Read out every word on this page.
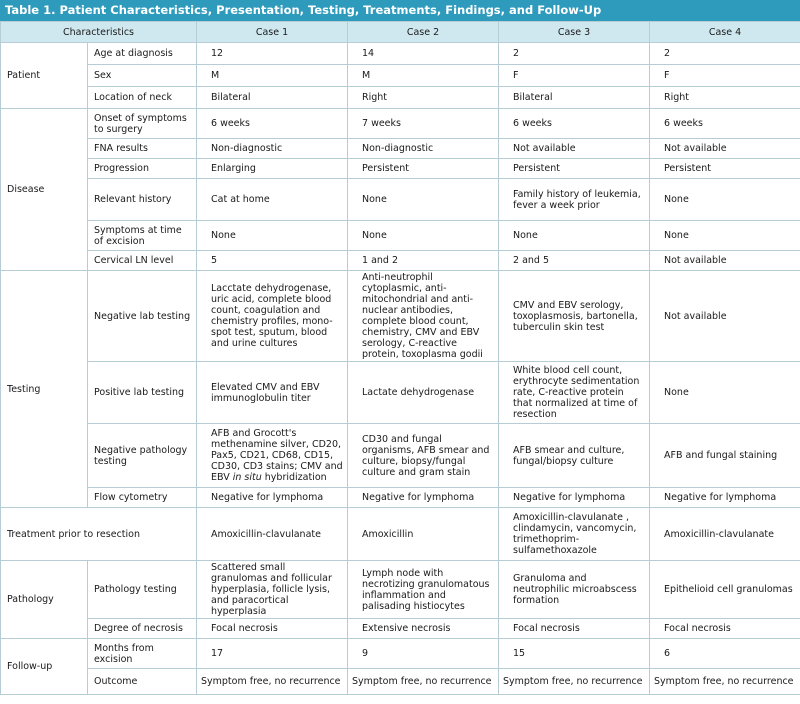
Table 1. Patient Characteristics, Presentation, Testing, Treatments, Findings, and Follow-Up
Characteristics		Case 1	Case 2	Case 3	Case 4
Patient	Age at diagnosis	12	14	2	2
	Sex	M	M	F	F
	Location of neck	Bilateral	Right	Bilateral	Right
Disease	Onset of symptoms to surgery	6 weeks	7 weeks	6 weeks	6 weeks
	FNA results	Non-diagnostic	Non-diagnostic	Not available	Not available
	Progression	Enlarging	Persistent	Persistent	Persistent
	Relevant history	Cat at home	None	Family history of leukemia, fever a week prior	None
	Symptoms at time of excision	None	None	None	None
	Cervical LN level	5	1 and 2	2 and 5	Not available
Testing	Negative lab testing	Lacctate dehydrogenase, uric acid, complete blood count, coagulation and chemistry profiles, mono-spot test, sputum, blood and urine cultures	Anti-neutrophil cytoplasmic, anti-mitochondrial and anti-nuclear antibodies, complete blood count, chemistry, CMV and EBV serology, C-reactive protein, toxoplasma godii	CMV and EBV serology, toxoplasmosis, bartonella, tuberculin skin test	Not available
	Positive lab testing	Elevated CMV and EBV immunoglobulin titer	Lactate dehydrogenase	White blood cell count, erythrocyte sedimentation rate, C-reactive protein that normalized at time of resection	None
	Negative pathology testing	AFB and Grocott's methenamine silver, CD20, Pax5, CD21, CD68, CD15, CD30, CD3 stains; CMV and EBV in situ hybridization	CD30 and fungal organisms, AFB smear and culture, biopsy/fungal culture and gram stain	AFB smear and culture, fungal/biopsy culture	AFB and fungal staining
	Flow cytometry	Negative for lymphoma	Negative for lymphoma	Negative for lymphoma	Negative for lymphoma
Treatment prior to resection		Amoxicillin-clavulanate	Amoxicillin	Amoxicillin-clavulanate , clindamycin, vancomycin, trimethoprim-sulfamethoxazole	Amoxicillin-clavulanate
Pathology	Pathology testing	Scattered small granulomas and follicular hyperplasia, follicle lysis, and paracortical hyperplasia	Lymph node with necrotizing granulomatous inflammation and palisading histiocytes	Granuloma and neutrophilic microabscess formation	Epithelioid cell granulomas
	Degree of necrosis	Focal necrosis	Extensive necrosis	Focal necrosis	Focal necrosis
Follow-up	Months from excision	17	9	15	6
	Outcome	Symptom free, no recurrence	Symptom free, no recurrence	Symptom free, no recurrence	Symptom free, no recurrence
